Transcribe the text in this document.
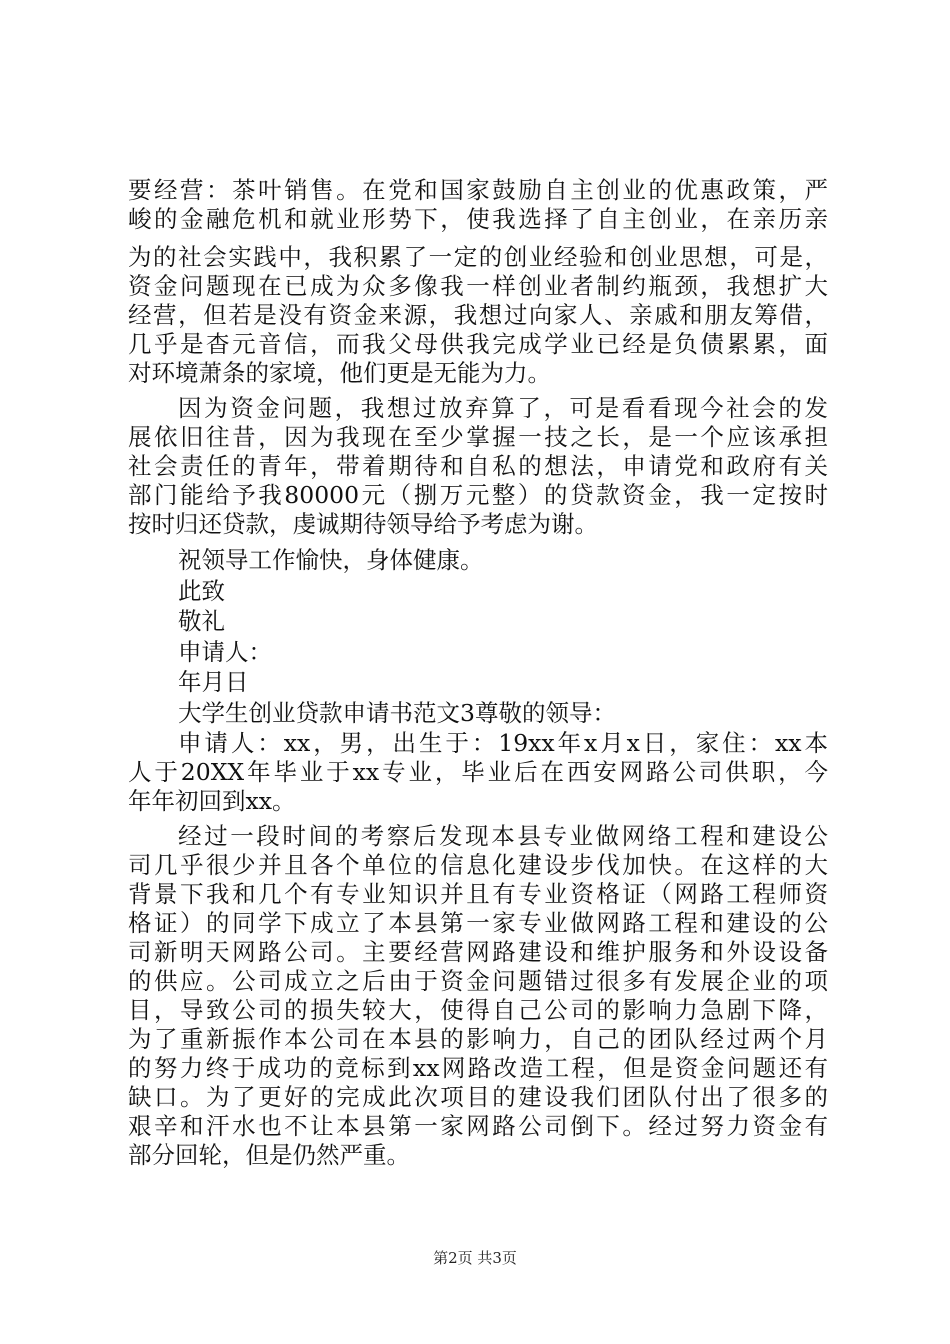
要经营：茶叶销售。在党和国家鼓励自主创业的优惠政策，严
峻的金融危机和就业形势下，使我选择了自主创业，在亲历亲
为的社会实践中，我积累了一定的创业经验和创业思想，可是，
资金问题现在已成为众多像我一样创业者制约瓶颈，我想扩大
经营，但若是没有资金来源，我想过向家人、亲戚和朋友筹借，
几乎是杳元音信，而我父母供我完成学业已经是负债累累，面
对环境萧条的家境，他们更是无能为力。
因为资金问题，我想过放弃算了，可是看看现今社会的发
展依旧往昔，因为我现在至少掌握一技之长，是一个应该承担
社会责任的青年，带着期待和自私的想法，申请党和政府有关
部门能给予我80000元（捌万元整）的贷款资金，我一定按时
按时归还贷款，虔诚期待领导给予考虑为谢。
祝领导工作愉快，身体健康。
此致
敬礼
申请人：
年月日
大学生创业贷款申请书范文3尊敬的领导：
申请人：xx，男，出生于：19xx年x月x日，家住：xx本
人于20XX年毕业于xx专业，毕业后在西安网路公司供职，今
年年初回到xx。
经过一段时间的考察后发现本县专业做网络工程和建设公
司几乎很少并且各个单位的信息化建设步伐加快。在这样的大
背景下我和几个有专业知识并且有专业资格证（网路工程师资
格证）的同学下成立了本县第一家专业做网路工程和建设的公
司新明天网路公司。主要经营网路建设和维护服务和外设设备
的供应。公司成立之后由于资金问题错过很多有发展企业的项
目，导致公司的损失较大，使得自己公司的影响力急剧下降，
为了重新振作本公司在本县的影响力，自己的团队经过两个月
的努力终于成功的竞标到xx网路改造工程，但是资金问题还有
缺口。为了更好的完成此次项目的建设我们团队付出了很多的
艰辛和汗水也不让本县第一家网路公司倒下。经过努力资金有
部分回轮，但是仍然严重。
第2页 共3页
